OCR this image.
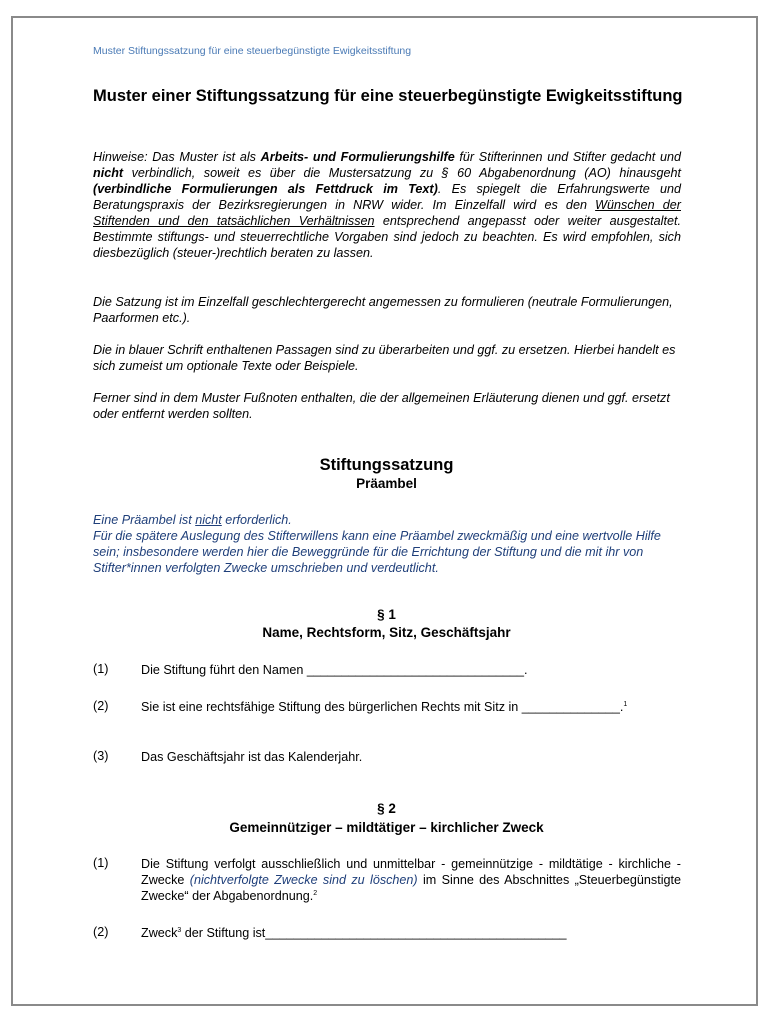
Muster Stiftungssatzung für eine steuerbegünstigte Ewigkeitsstiftung
Muster einer Stiftungssatzung für eine steuerbegünstigte Ewigkeitsstiftung
Hinweise: Das Muster ist als Arbeits- und Formulierungshilfe für Stifterinnen und Stifter gedacht und nicht verbindlich, soweit es über die Mustersatzung zu § 60 Abgabenordnung (AO) hinausgeht (verbindliche Formulierungen als Fettdruck im Text). Es spiegelt die Erfahrungswerte und Beratungspraxis der Bezirksregierungen in NRW wider. Im Einzelfall wird es den Wünschen der Stiftenden und den tatsächlichen Verhältnissen entsprechend angepasst oder weiter ausgestaltet. Bestimmte stiftungs- und steuerrechtliche Vorgaben sind jedoch zu beachten. Es wird empfohlen, sich diesbezüglich (steuer-)rechtlich beraten zu lassen.
Die Satzung ist im Einzelfall geschlechtergerecht angemessen zu formulieren (neutrale Formulierungen, Paarformen etc.).
Die in blauer Schrift enthaltenen Passagen sind zu überarbeiten und ggf. zu ersetzen. Hierbei handelt es sich zumeist um optionale Texte oder Beispiele.
Ferner sind in dem Muster Fußnoten enthalten, die der allgemeinen Erläuterung dienen und ggf. ersetzt oder entfernt werden sollten.
Stiftungssatzung
Präambel
Eine Präambel ist nicht erforderlich.
Für die spätere Auslegung des Stifterwillens kann eine Präambel zweckmäßig und eine wertvolle Hilfe sein; insbesondere werden hier die Beweggründe für die Errichtung der Stiftung und die mit ihr von Stifter*innen verfolgten Zwecke umschrieben und verdeutlicht.
§ 1
Name, Rechtsform, Sitz, Geschäftsjahr
(1)	Die Stiftung führt den Namen _______________________________.
(2)	Sie ist eine rechtsfähige Stiftung des bürgerlichen Rechts mit Sitz in ______________.$^1$
(3)	Das Geschäftsjahr ist das Kalenderjahr.
§ 2
Gemeinnütziger – mildtätiger – kirchlicher Zweck
(1)	Die Stiftung verfolgt ausschließlich und unmittelbar - gemeinnützige - mildtätige - kirchliche - Zwecke (nichtverfolgte Zwecke sind zu löschen) im Sinne des Abschnittes „Steuerbegünstigte Zwecke“ der Abgabenordnung.$^2$
(2)	Zweck$^3$ der Stiftung ist___________________________________________
